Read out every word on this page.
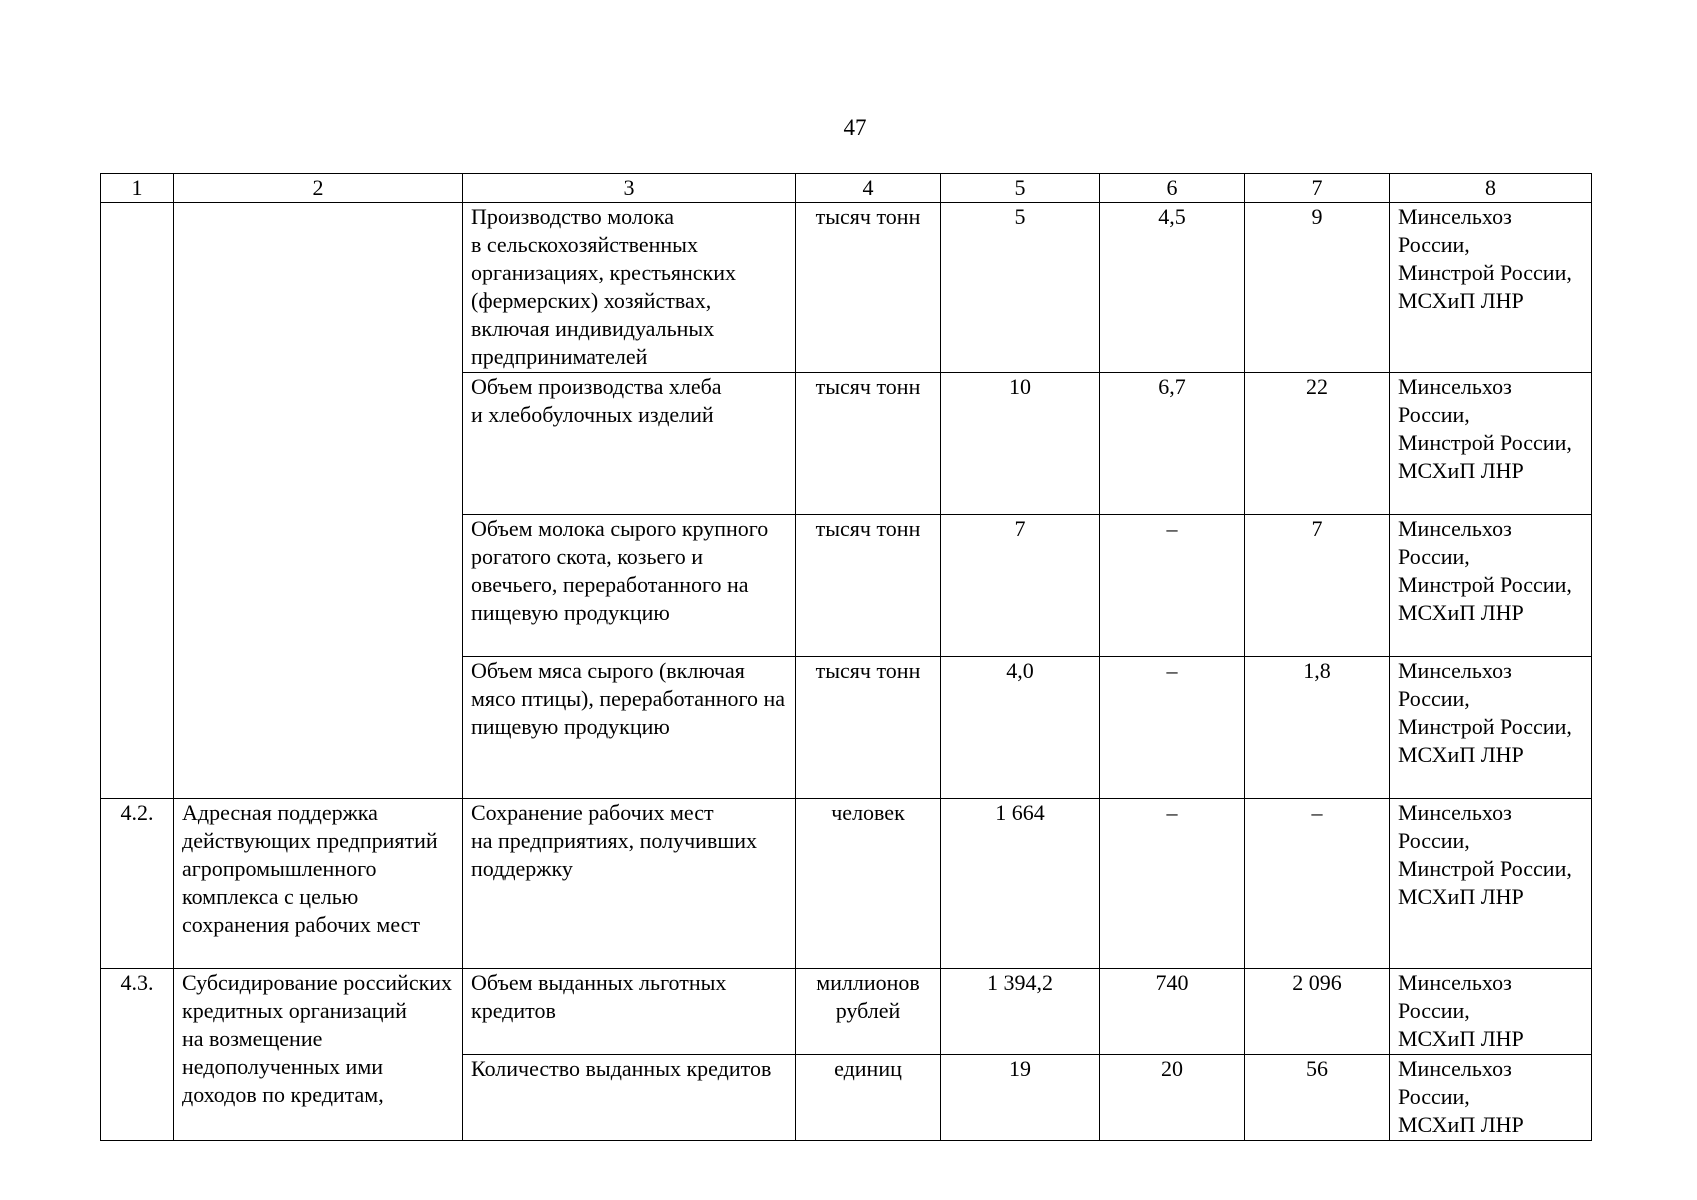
47
1	2	3	4	5	6	7	8
		Производство молока
в сельскохозяйственных организациях, крестьянских (фермерских) хозяйствах, включая индивидуальных предпринимателей	тысяч тонн	5	4,5	9	Минсельхоз России,
Минстрой России,
МСХиП ЛНР
		Объем производства хлеба
и хлебобулочных изделий	тысяч тонн	10	6,7	22	Минсельхоз России,
Минстрой России,
МСХиП ЛНР
		Объем молока сырого крупного рогатого скота, козьего и овечьего, переработанного на пищевую продукцию	тысяч тонн	7	–	7	Минсельхоз России,
Минстрой России,
МСХиП ЛНР
		Объем мяса сырого (включая мясо птицы), переработанного на пищевую продукцию	тысяч тонн	4,0	–	1,8	Минсельхоз России,
Минстрой России,
МСХиП ЛНР
4.2.	Адресная поддержка действующих предприятий агропромышленного комплекса с целью сохранения рабочих мест	Сохранение рабочих мест
на предприятиях, получивших поддержку	человек	1 664	–	–	Минсельхоз России,
Минстрой России,
МСХиП ЛНР
4.3.	Субсидирование российских кредитных организаций
на возмещение недополученных ими доходов по кредитам,	Объем выданных льготных кредитов	миллионов рублей	1 394,2	740	2 096	Минсельхоз России,
МСХиП ЛНР
		Количество выданных кредитов	единиц	19	20	56	Минсельхоз России,
МСХиП ЛНР
